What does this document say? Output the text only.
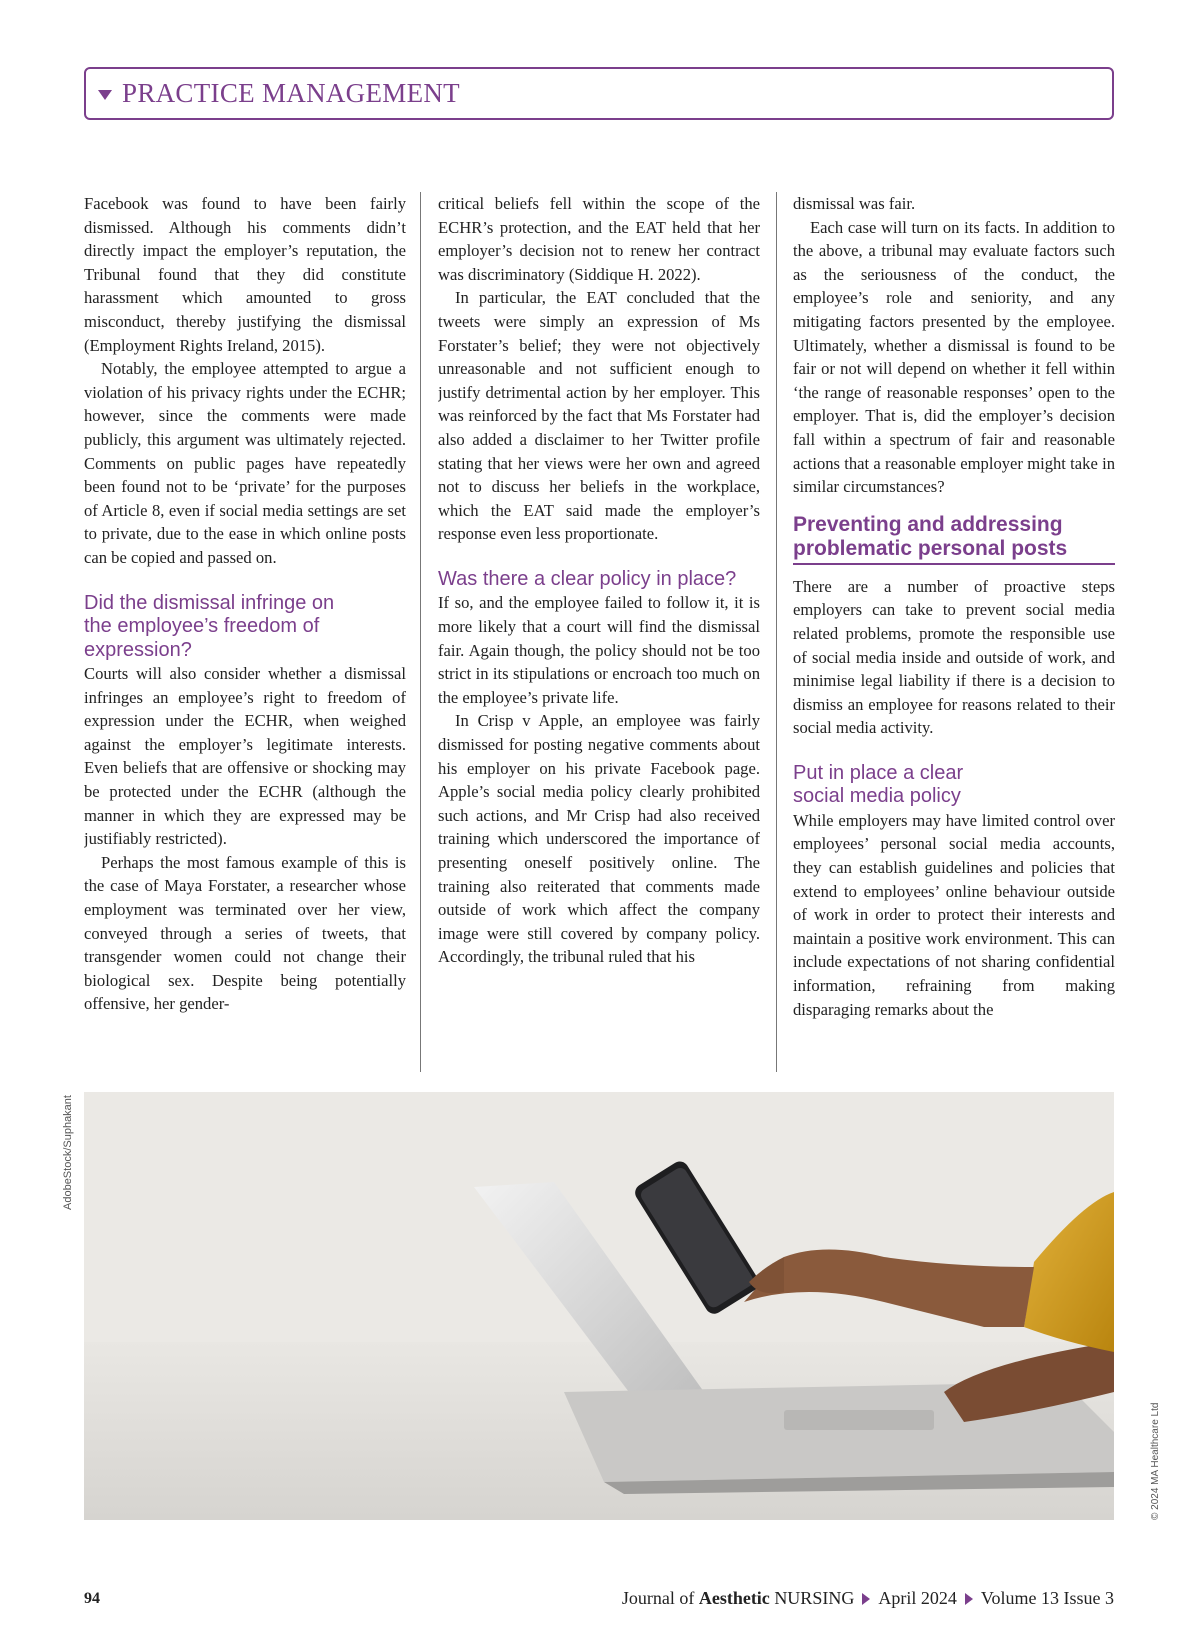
PRACTICE MANAGEMENT

Facebook was found to have been fairly dismissed. Although his comments didn’t directly impact the employer’s reputation, the Tribunal found that they did constitute harassment which amounted to gross misconduct, thereby justifying the dismissal (Employment Rights Ireland, 2015).

Notably, the employee attempted to argue a violation of his privacy rights under the ECHR; however, since the comments were made publicly, this argument was ultimately rejected. Comments on public pages have repeatedly been found not to be ‘private’ for the purposes of Article 8, even if social media settings are set to private, due to the ease in which online posts can be copied and passed on.

Did the dismissal infringe on the employee’s freedom of expression?

Courts will also consider whether a dismissal infringes an employee’s right to freedom of expression under the ECHR, when weighed against the employer’s legitimate interests. Even beliefs that are offensive or shocking may be protected under the ECHR (although the manner in which they are expressed may be justifiably restricted).

Perhaps the most famous example of this is the case of Maya Forstater, a researcher whose employment was terminated over her view, conveyed through a series of tweets, that transgender women could not change their biological sex. Despite being potentially offensive, her gender-

critical beliefs fell within the scope of the ECHR’s protection, and the EAT held that her employer’s decision not to renew her contract was discriminatory (Siddique H. 2022).

In particular, the EAT concluded that the tweets were simply an expression of Ms Forstater’s belief; they were not objectively unreasonable and not sufficient enough to justify detrimental action by her employer. This was reinforced by the fact that Ms Forstater had also added a disclaimer to her Twitter profile stating that her views were her own and agreed not to discuss her beliefs in the workplace, which the EAT said made the employer’s response even less proportionate.

Was there a clear policy in place?

If so, and the employee failed to follow it, it is more likely that a court will find the dismissal fair. Again though, the policy should not be too strict in its stipulations or encroach too much on the employee’s private life.

In Crisp v Apple, an employee was fairly dismissed for posting negative comments about his employer on his private Facebook page. Apple’s social media policy clearly prohibited such actions, and Mr Crisp had also received training which underscored the importance of presenting oneself positively online. The training also reiterated that comments made outside of work which affect the company image were still covered by company policy. Accordingly, the tribunal ruled that his

dismissal was fair.

Each case will turn on its facts. In addition to the above, a tribunal may evaluate factors such as the seriousness of the conduct, the employee’s role and seniority, and any mitigating factors presented by the employee. Ultimately, whether a dismissal is found to be fair or not will depend on whether it fell within ‘the range of reasonable responses’ open to the employer. That is, did the employer’s decision fall within a spectrum of fair and reasonable actions that a reasonable employer might take in similar circumstances?

Preventing and addressing problematic personal posts

There are a number of proactive steps employers can take to prevent social media related problems, promote the responsible use of social media inside and outside of work, and minimise legal liability if there is a decision to dismiss an employee for reasons related to their social media activity.

Put in place a clear social media policy

While employers may have limited control over employees’ personal social media accounts, they can establish guidelines and policies that extend to employees’ online behaviour outside of work in order to protect their interests and maintain a positive work environment. This can include expectations of not sharing confidential information, refraining from making disparaging remarks about the

AdobeStock/Suphakant
© 2024 MA Healthcare Ltd
94	Journal of Aesthetic NURSING April 2024 Volume 13 Issue 3
